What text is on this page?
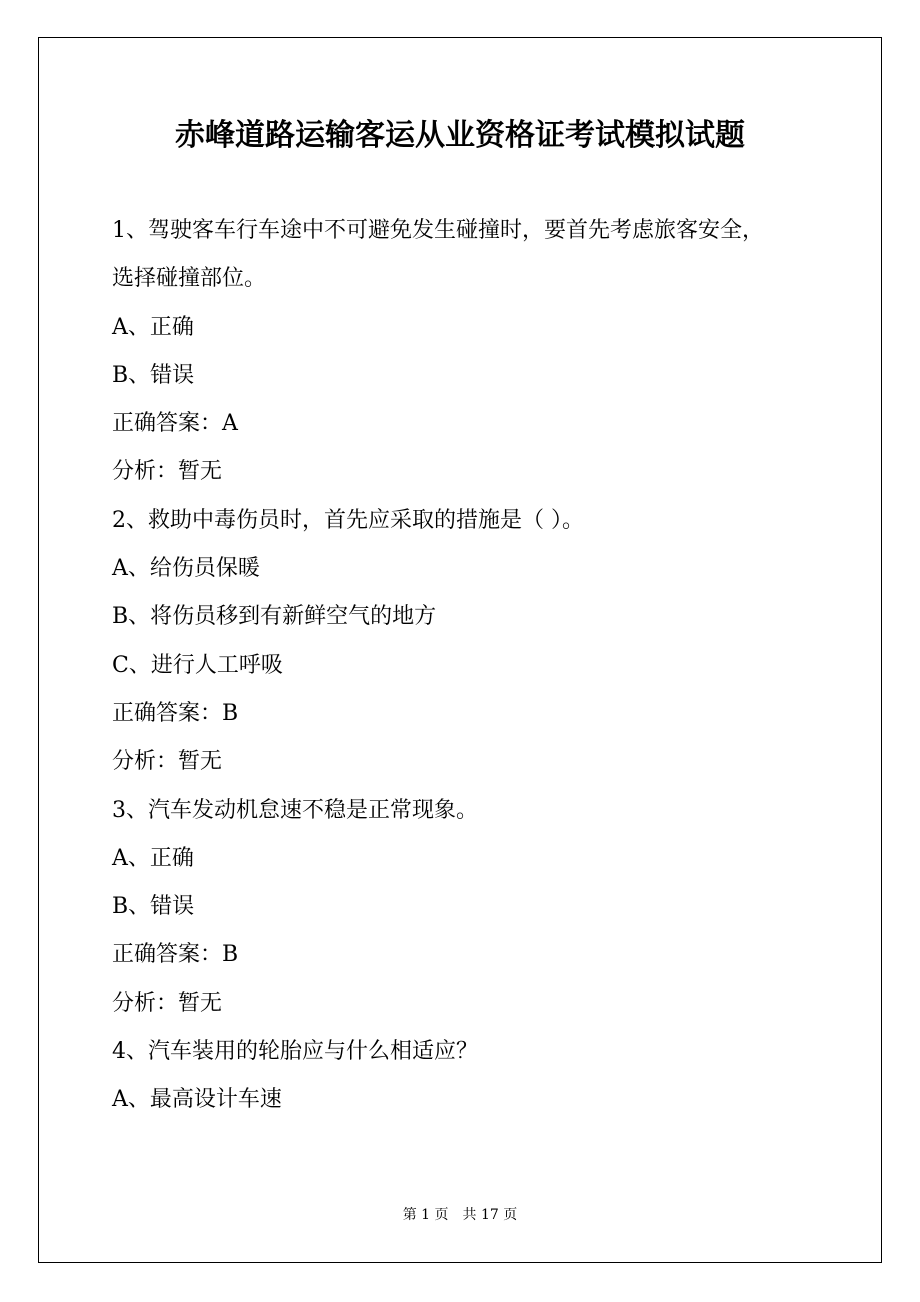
赤峰道路运输客运从业资格证考试模拟试题

1、驾驶客车行车途中不可避免发生碰撞时，要首先考虑旅客安全，

选择碰撞部位。

A、正确

B、错误

正确答案：A

分析：暂无

2、救助中毒伤员时，首先应采取的措施是（ ）。

A、给伤员保暖

B、将伤员移到有新鲜空气的地方

C、进行人工呼吸

正确答案：B

分析：暂无

3、汽车发动机怠速不稳是正常现象。

A、正确

B、错误

正确答案：B

分析：暂无

4、汽车装用的轮胎应与什么相适应？

A、最高设计车速

第 1 页 共 17 页
